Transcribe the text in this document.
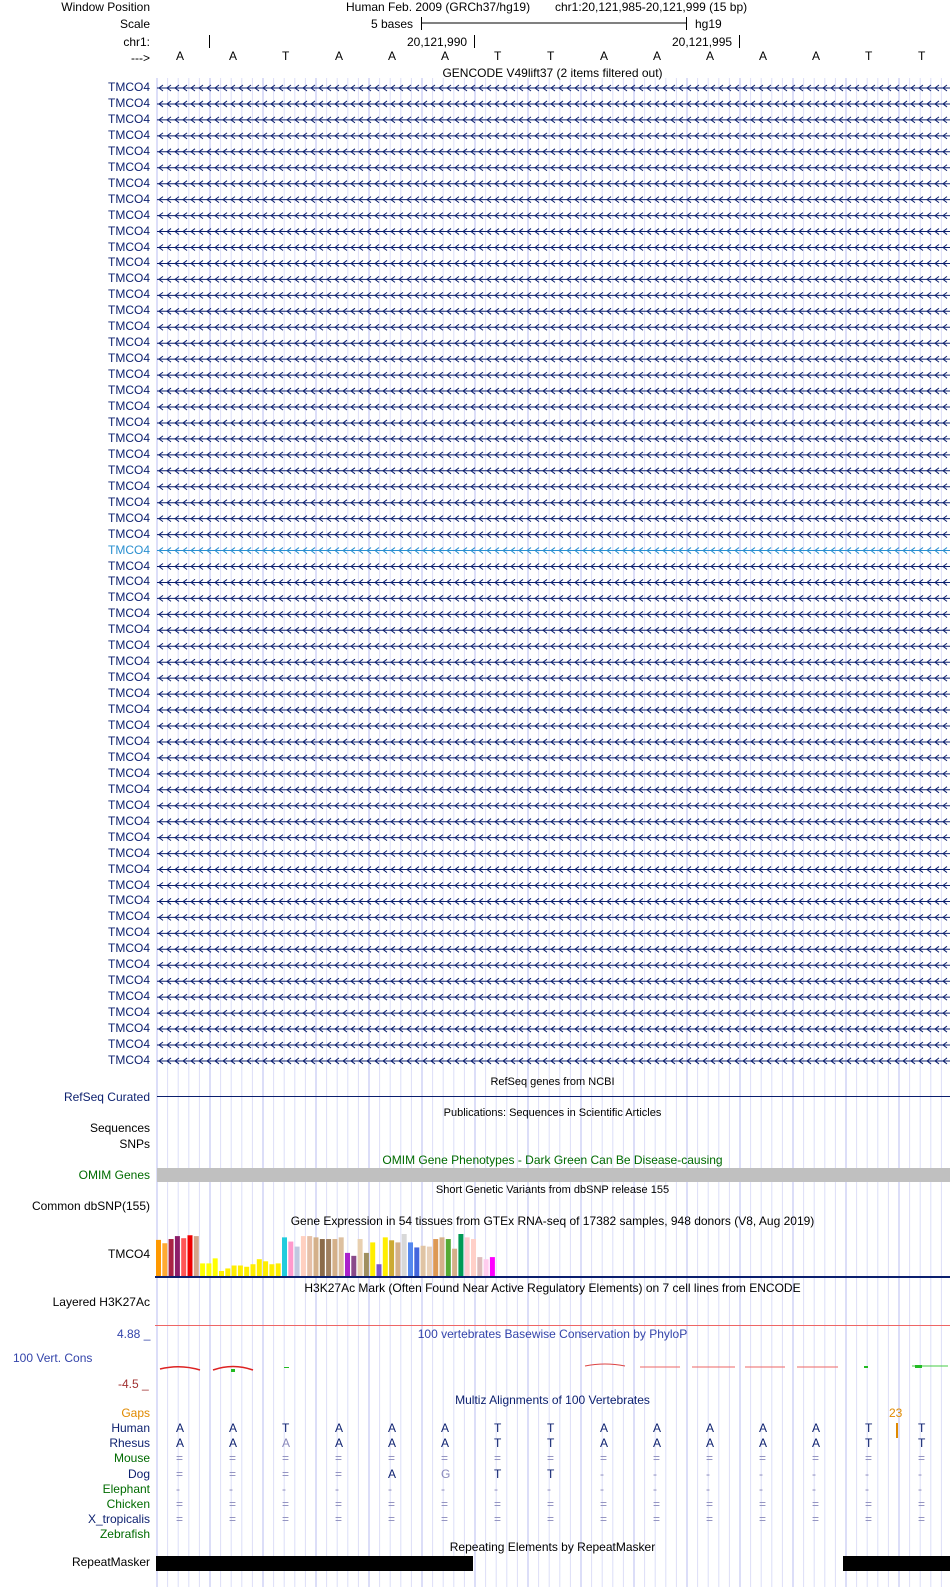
Window Position
Scale
chr1:
--->
Human Feb. 2009 (GRCh37/hg19) chr1:20,121,985-20,121,999 (15 bp)
5 bases	hg19
20,121,990	20,121,995
A	A	T	A	A	A	T	T	A	A	A	A	A	T	T
GENCODE V49lift37 (2 items filtered out)
TMCO4
TMCO4
TMCO4
TMCO4
TMCO4
TMCO4
TMCO4
TMCO4
TMCO4
TMCO4
TMCO4
TMCO4
TMCO4
TMCO4
TMCO4
TMCO4
TMCO4
TMCO4
TMCO4
TMCO4
TMCO4
TMCO4
TMCO4
TMCO4
TMCO4
TMCO4
TMCO4
TMCO4
TMCO4
TMCO4
TMCO4
TMCO4
TMCO4
TMCO4
TMCO4
TMCO4
TMCO4
TMCO4
TMCO4
TMCO4
TMCO4
TMCO4
TMCO4
TMCO4
TMCO4
TMCO4
TMCO4
TMCO4
TMCO4
TMCO4
TMCO4
TMCO4
TMCO4
TMCO4
TMCO4
TMCO4
TMCO4
TMCO4
TMCO4
TMCO4
TMCO4
TMCO4
RefSeq genes from NCBI
RefSeq Curated
Publications: Sequences in Scientific Articles
Sequences
SNPs
OMIM Gene Phenotypes - Dark Green Can Be Disease-causing
OMIM Genes
Short Genetic Variants from dbSNP release 155
Common dbSNP(155)
Gene Expression in 54 tissues from GTEx RNA-seq of 17382 samples, 948 donors (V8, Aug 2019)
TMCO4
H3K27Ac Mark (Often Found Near Active Regulatory Elements) on 7 cell lines from ENCODE
Layered H3K27Ac
100 vertebrates Basewise Conservation by PhyloP
4.88 _
100 Vert. Cons
-4.5 _
Multiz Alignments of 100 Vertebrates
Gaps	23
Human A	A	T	A	A	A	T	T	A	A	A	A	A	T	T
Rhesus A	A	A	A	A	A	T	T	A	A	A	A	A	T	T
Mouse =	=	=	=	=	=	=	=	=	=	=	=	=	=	=
Dog =	=	=	=	A	G	T	T	-	-	-	-	-	-	-
Elephant -	-	-	-	-	-	-	-	-	-	-	-	-	-	-
Chicken =	=	=	=	=	=	=	=	=	=	=	=	=	=	=
X_tropicalis =	=	=	=	=	=	=	=	=	=	=	=	=	=	=
Zebrafish
Repeating Elements by RepeatMasker
RepeatMasker
